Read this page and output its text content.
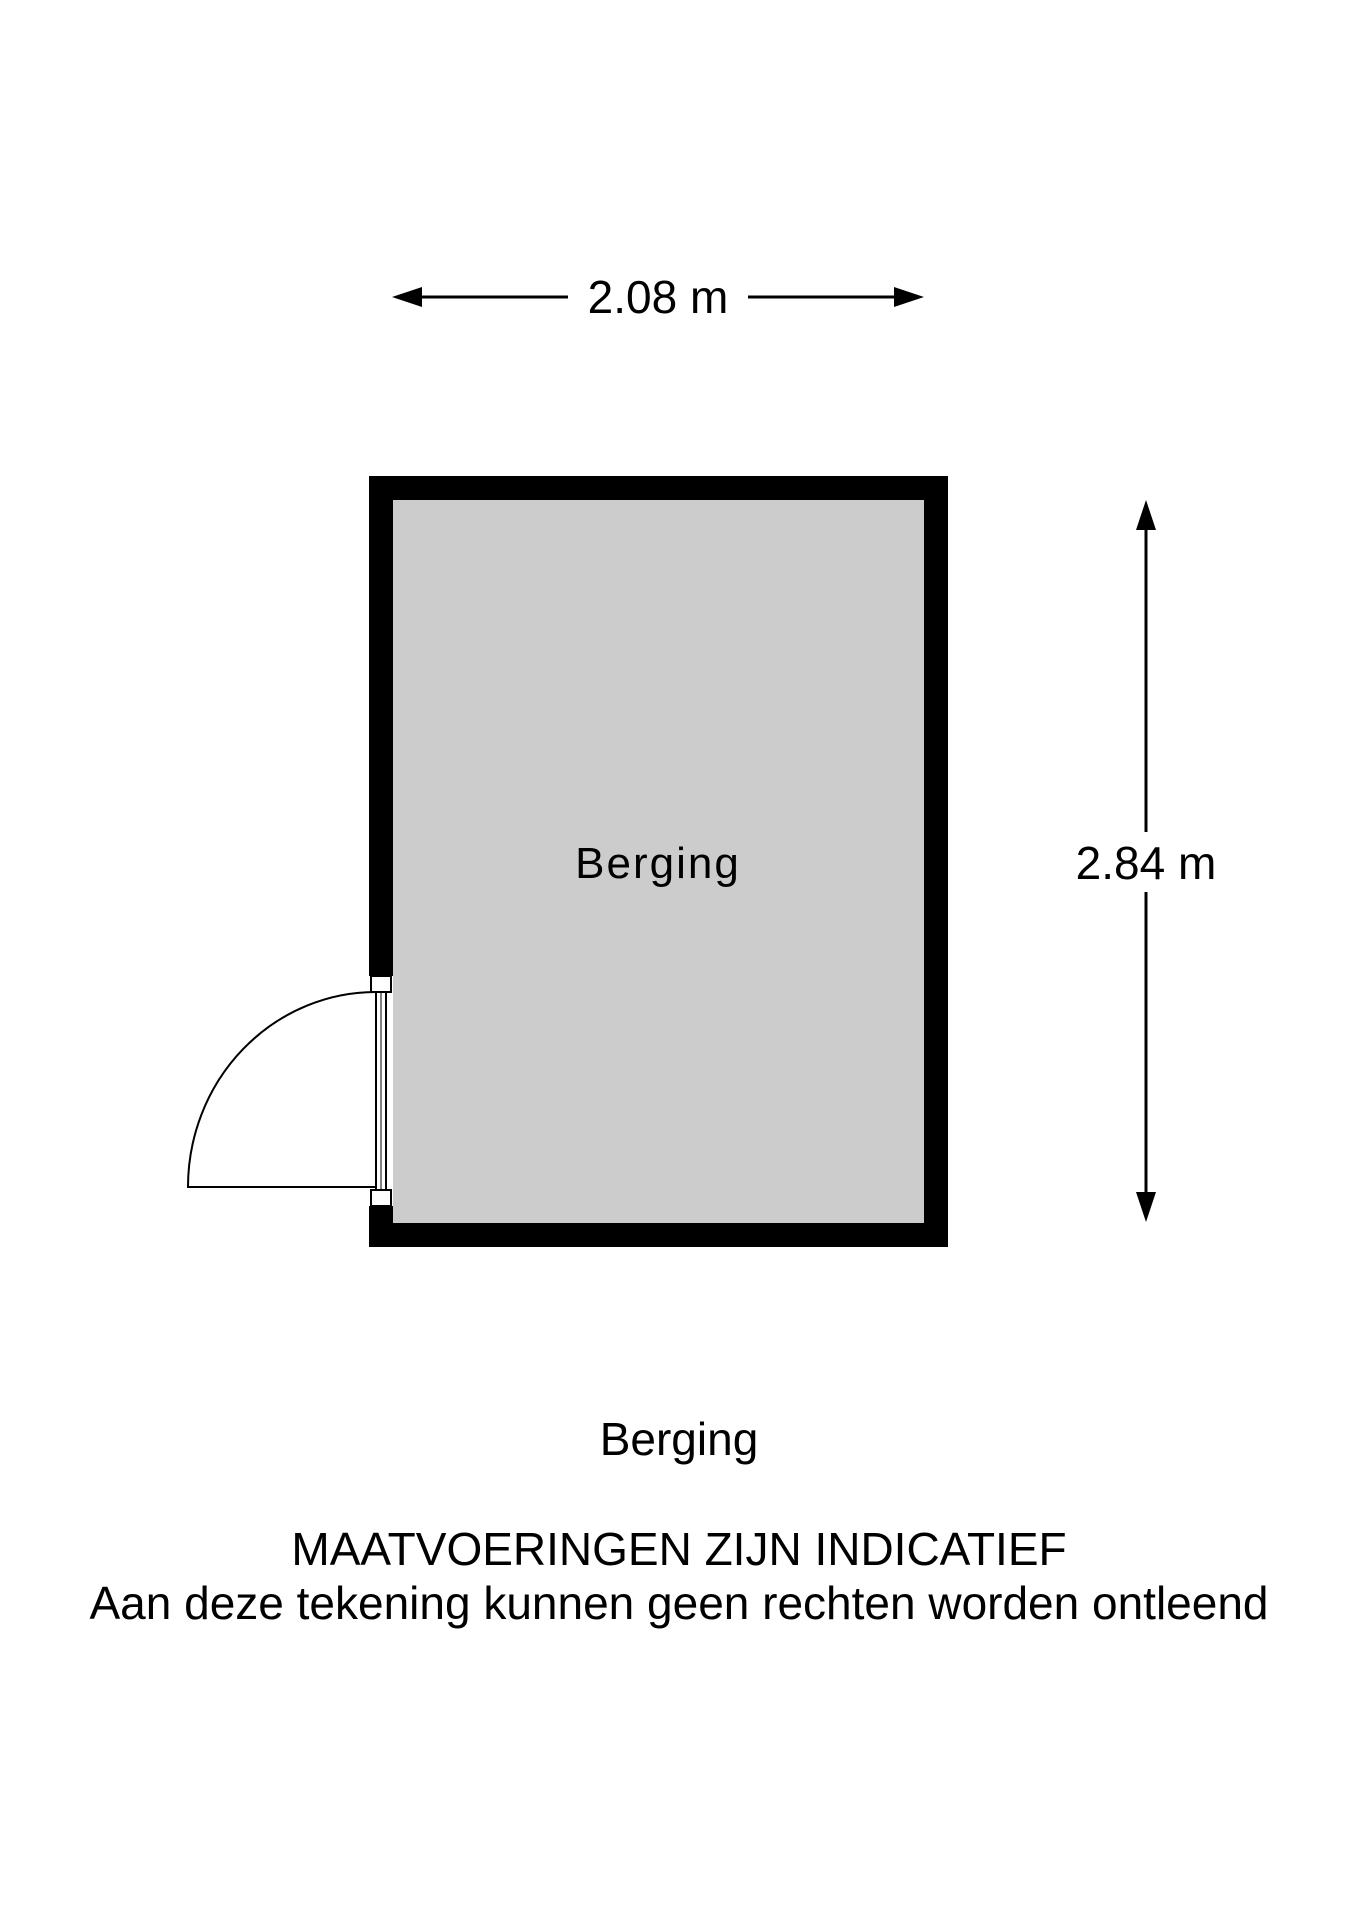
2.08 m
2.84 m
Berging
Berging
MAATVOERINGEN ZIJN INDICATIEF
Aan deze tekening kunnen geen rechten worden ontleend
